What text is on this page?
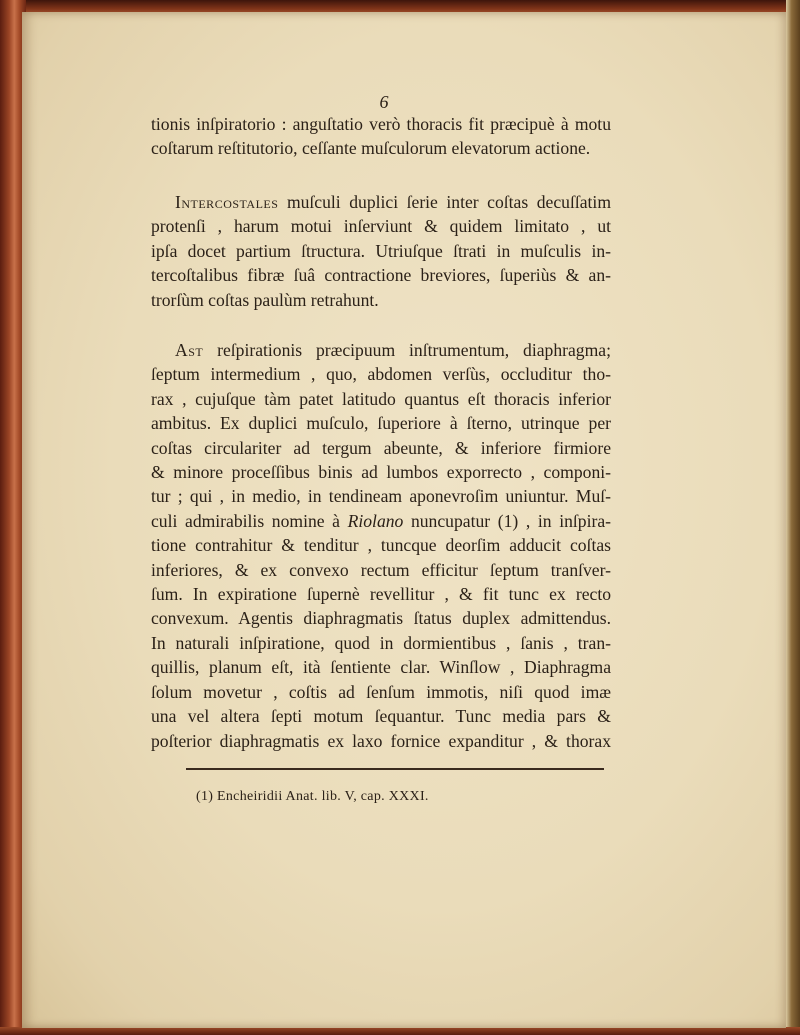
6
tionis inſpiratorio : anguſtatio verò thoracis fit præcipuè à motu
coſtarum reſtitutorio, ceſſante muſculorum elevatorum actione.
Intercostales muſculi duplici ſerie inter coſtas decuſſatim
protenſi , harum motui inſerviunt & quidem limitato , ut
ipſa docet partium ſtructura. Utriuſque ſtrati in muſculis in-
tercoſtalibus fibræ ſuâ contractione breviores, ſuperiùs & an-
trorſùm coſtas paulùm retrahunt.
Ast reſpirationis præcipuum inſtrumentum, diaphragma;
ſeptum intermedium , quo, abdomen verſùs, occluditur tho-
rax , cujuſque tàm patet latitudo quantus eſt thoracis inferior
ambitus. Ex duplici muſculo, ſuperiore à ſterno, utrinque per
coſtas circulariter ad tergum abeunte, & inferiore firmiore
& minore proceſſibus binis ad lumbos exporrecto , componi-
tur ; qui , in medio, in tendineam aponevroſim uniuntur. Muſ-
culi admirabilis nomine à Riolano nuncupatur (1) , in inſpira-
tione contrahitur & tenditur , tuncque deorſim adducit coſtas
inferiores, & ex convexo rectum efficitur ſeptum tranſver-
ſum. In expiratione ſupernè revellitur , & fit tunc ex recto
convexum. Agentis diaphragmatis ſtatus duplex admittendus.
In naturali inſpiratione, quod in dormientibus , ſanis , tran-
quillis, planum eſt, ità ſentiente clar. Winſlow , Diaphragma
ſolum movetur , coſtis ad ſenſum immotis, niſi quod imæ
una vel altera ſepti motum ſequantur. Tunc media pars &
poſterior diaphragmatis ex laxo fornice expanditur , & thorax
(1) Encheiridii Anat. lib. V, cap. XXXI.
